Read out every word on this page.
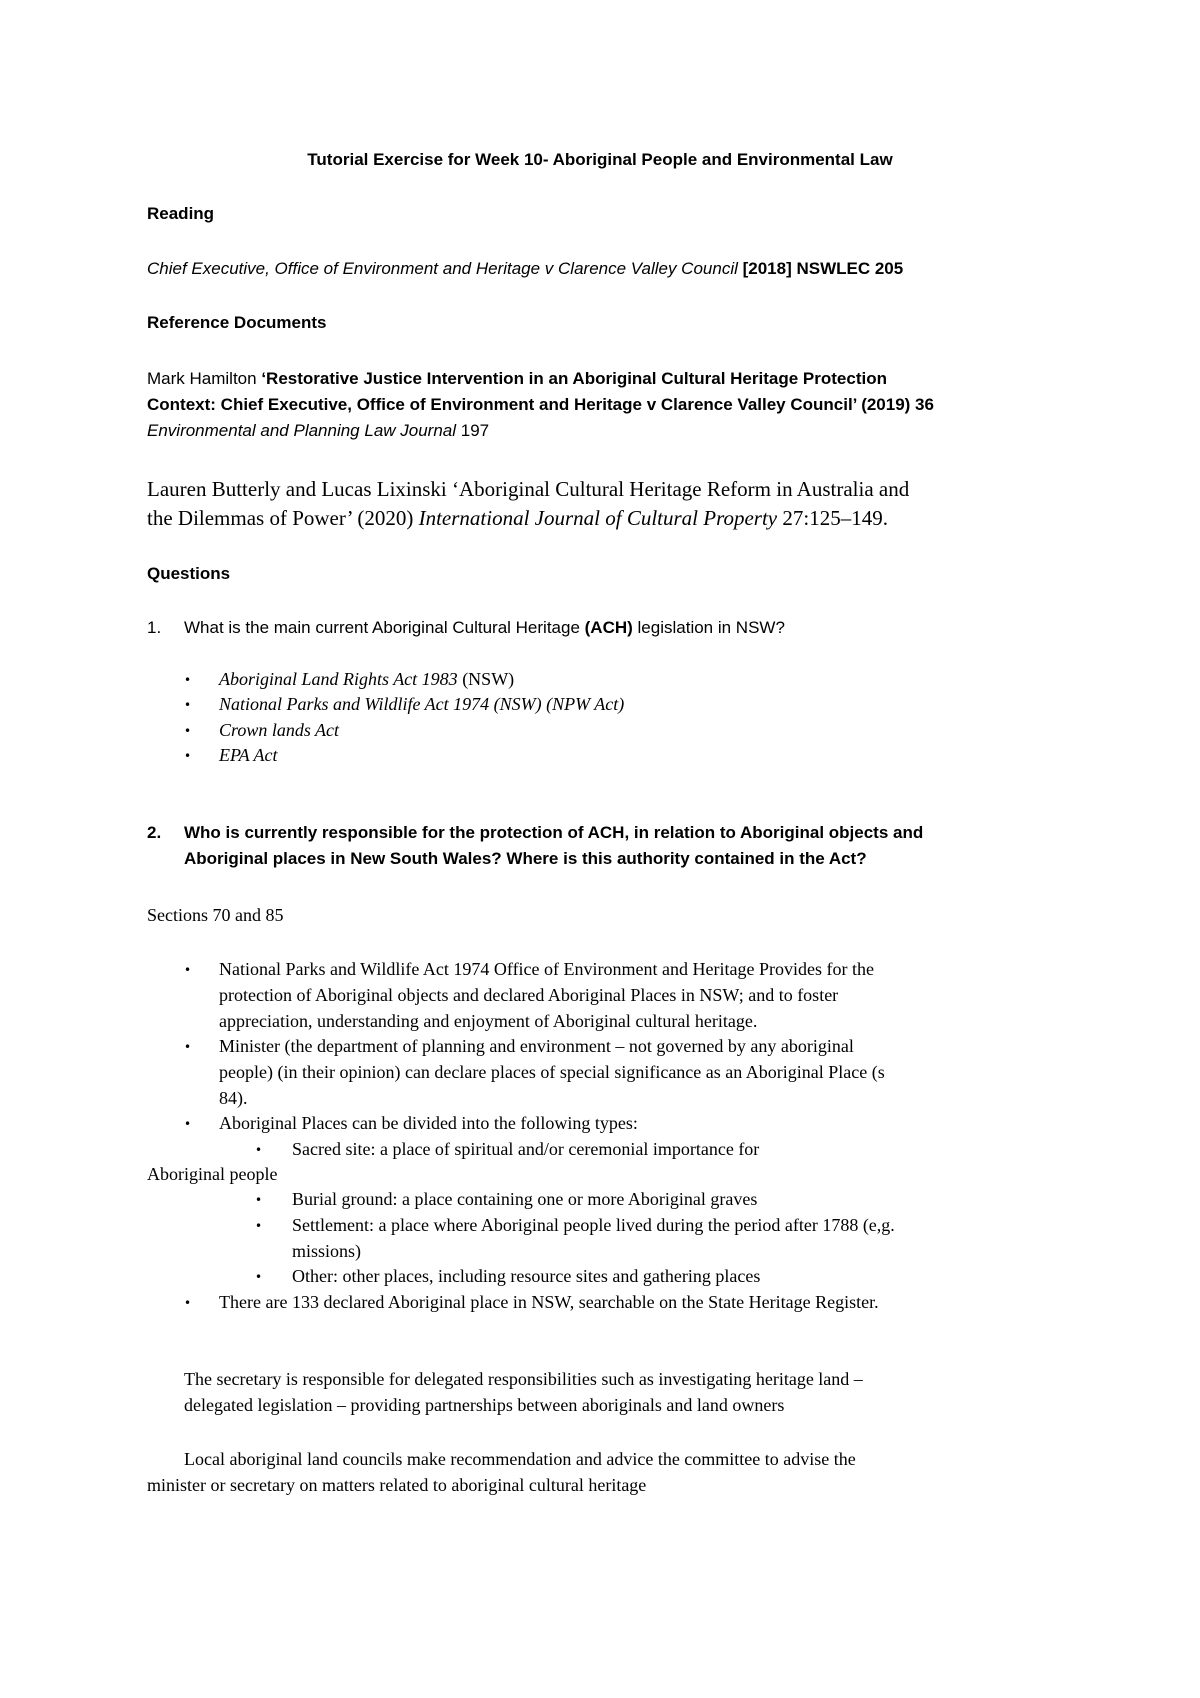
Tutorial Exercise for Week 10- Aboriginal People and Environmental Law
Reading
Chief Executive, Office of Environment and Heritage v Clarence Valley Council [2018] NSWLEC 205
Reference Documents
Mark Hamilton ‘Restorative Justice Intervention in an Aboriginal Cultural Heritage Protection
Context: Chief Executive, Office of Environment and Heritage v Clarence Valley Council’ (2019) 36
Environmental and Planning Law Journal 197
Lauren Butterly and Lucas Lixinski ‘Aboriginal Cultural Heritage Reform in Australia and
the Dilemmas of Power’ (2020) International Journal of Cultural Property 27:125–149.
Questions
1. What is the main current Aboriginal Cultural Heritage (ACH) legislation in NSW?
• Aboriginal Land Rights Act 1983 (NSW)
• National Parks and Wildlife Act 1974 (NSW) (NPW Act)
• Crown lands Act
• EPA Act
2. Who is currently responsible for the protection of ACH, in relation to Aboriginal objects and
Aboriginal places in New South Wales? Where is this authority contained in the Act?
Sections 70 and 85
• National Parks and Wildlife Act 1974 Office of Environment and Heritage Provides for the
protection of Aboriginal objects and declared Aboriginal Places in NSW; and to foster
appreciation, understanding and enjoyment of Aboriginal cultural heritage.
• Minister (the department of planning and environment – not governed by any aboriginal
people) (in their opinion) can declare places of special significance as an Aboriginal Place (s
84).
• Aboriginal Places can be divided into the following types:
• Sacred site: a place of spiritual and/or ceremonial importance for
Aboriginal people
• Burial ground: a place containing one or more Aboriginal graves
• Settlement: a place where Aboriginal people lived during the period after 1788 (e,g.
missions)
• Other: other places, including resource sites and gathering places
• There are 133 declared Aboriginal place in NSW, searchable on the State Heritage Register.
The secretary is responsible for delegated responsibilities such as investigating heritage land –
delegated legislation – providing partnerships between aboriginals and land owners
Local aboriginal land councils make recommendation and advice the committee to advise the
minister or secretary on matters related to aboriginal cultural heritage
